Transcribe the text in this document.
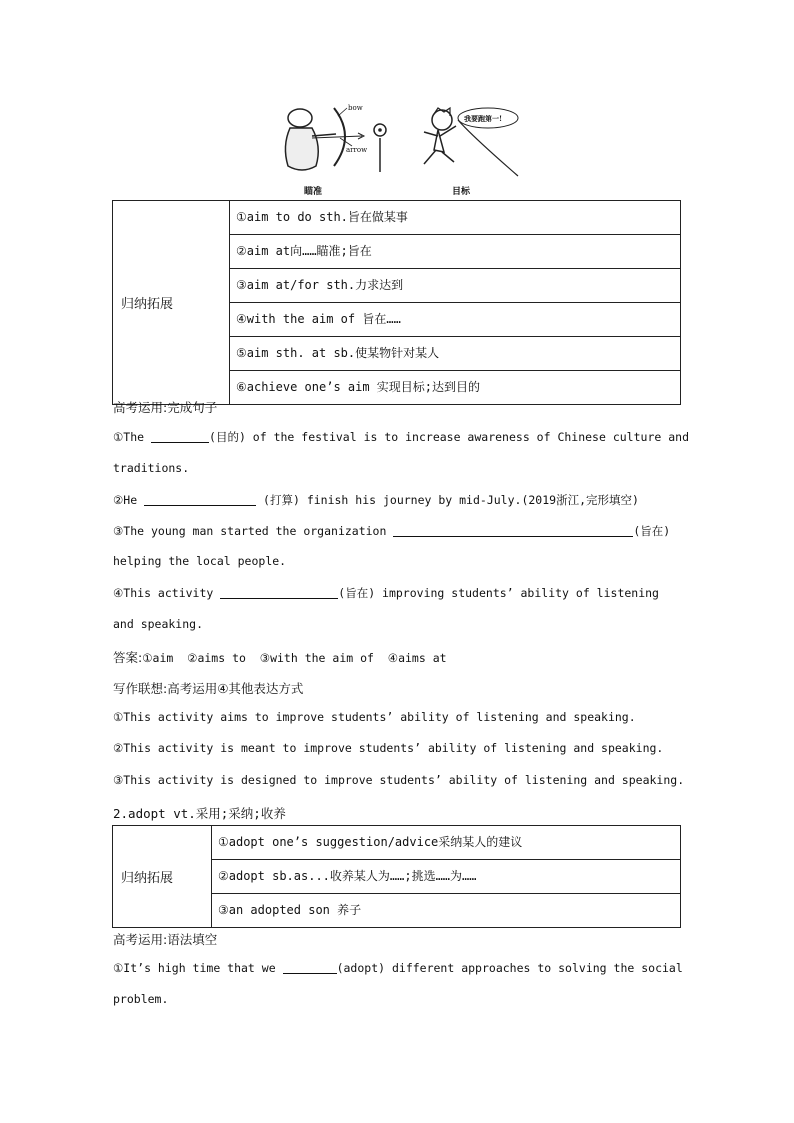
bow
arrow
我要跑第一!
瞄准	目标
归纳拓展	①aim to do sth.旨在做某事
②aim at向……瞄准;旨在
③aim at/for sth.力求达到
④with the aim of 旨在……
⑤aim sth. at sb.使某物针对某人
⑥achieve one’s aim 实现目标;达到目的
高考运用:完成句子
①The	(目的) of the festival is to increase awareness of Chinese culture and
traditions.
②He	(打算) finish his journey by mid-July.(2019浙江,完形填空)
③The young man started the organization	(旨在)
helping the local people.
④This activity	(旨在) improving students’ ability of listening
and speaking.
答案:①aim  ②aims to  ③with the aim of  ④aims at
写作联想:高考运用④其他表达方式
①This activity aims to improve students’ ability of listening and speaking.
②This activity is meant to improve students’ ability of listening and speaking.
③This activity is designed to improve students’ ability of listening and speaking.
2.adopt vt.采用;采纳;收养
归纳拓展	①adopt one’s suggestion/advice采纳某人的建议
②adopt sb.as...收养某人为……;挑选……为……
③an adopted son 养子
高考运用:语法填空
①It’s high time that we	(adopt) different approaches to solving the social
problem.
